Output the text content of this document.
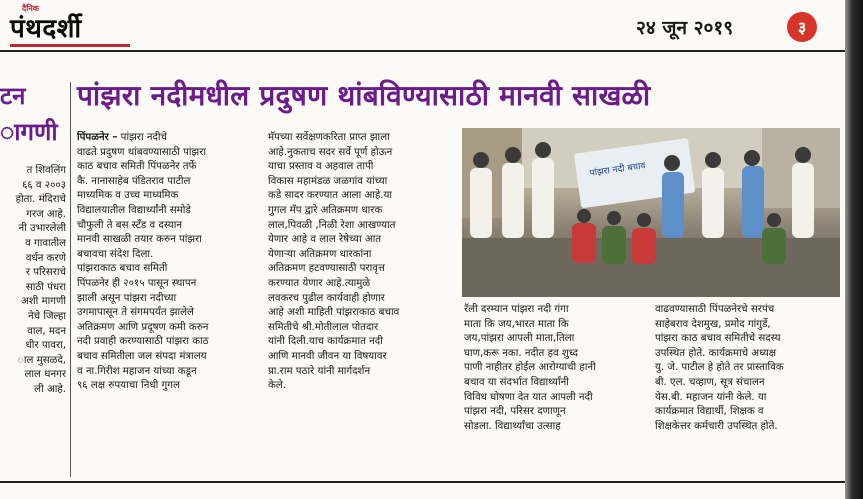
दैनिक
पंथदर्शी	२४ जून २०१९	३
टन
ागणी
त शिवलिंग
६६ व २००३
होता. मंदिराचे
गरज आहे.
नी उभारलेली
व गावातील
वर्धन करणे
र परिसराचे
साठी पंधरा
अशी मागणी
नेचे जिल्हा
वाल, मदन
धीर पावरा,
ाल मुसळदे,
लाल धनगर
ली आहे.
पांझरा नदीमधील प्रदुषण थांबविण्यासाठी मानवी साखळी
पिंपळनेर – पांझरा नदीचे
वाढते प्रदुषण थांबवण्यासाठी पांझरा
काठ बचाव समिती पिंपळनेर तर्फे
कै. नानासाहेब पंडितराव पाटील
माध्यमिक व उच्च माध्यमिक
विद्यालयातील विद्यार्थ्यांनी समोडे
चौफुली ते बस स्टँड व दस्यान
मानवी साखळी तयार करुन पांझरा
बचावचा संदेश दिला.
पांझराकाठ बचाव समिती
पिंपळनेर ही २०१५ पासून स्थापन
झाली असून पांझरा नदीच्या
उगमापासून ते संगमपर्यंत झालेले
अतिक्रमण आणि प्रदूषण कमी करुन
नदी प्रवाही करण्यासाठी पांझरा काठ
बचाव समितीला जल संपदा मंत्रालय
व ना.गिरीश महाजन यांच्या कडून
९६ लक्ष रुपयाचा निधी गुगल
मॅपच्या सर्वेक्षणकरिता प्राप्त झाला
आहे.नुकताच सदर सर्वे पूर्ण होऊन
याचा प्रस्ताव व अहवाल तापी
विकास महामंडळ जळगांव यांच्या
कडे सादर करण्यात आला आहे.या
गुगल मॅप द्वारे अतिक्रमण धारक
लाल,पिवळी ,निळी रेशा आखण्यात
येणार आहे व लाल रेषेच्या आत
येणाऱ्या अतिक्रमण धारकांना
अतिक्रमण हटवण्यासाठी परावृत्त
करण्यात येणार आहे.त्यामुळे
लवकरच पुढील कार्यवाही होणार
आहे अशी माहिती पांझराकाठ बचाव
समितीचे श्री.मोतीलाल पोतदार
यांनी दिली.याच कार्यक्रमात नदी
आणि मानवी जीवन या विषयावर
प्रा.राम पठारे यांनी मार्गदर्शन
केले.
पांझरा नदी बचाव
रॅली दरम्यान पांझरा नदी गंगा
माता कि जय,भारत माता कि
जय,पांझरा आपली माता,तिला
घाण,करू नका. नदीत हव शुध्द
पाणी नाहीतर होईल आरोग्याची हानी
बचाव या संदर्भात विद्यार्थ्यांनी
विविध घोषणा देत यात आपली नदी
पांझरा नदी, परिसर दणाणून
सोडला. विद्यार्थ्यांचा उत्साह
वाढवण्यासाठी पिंपळनेरचे सरपंच
साहेबराव देशमुख, प्रमोद गांगुर्डे,
पांझरा काठ बचाव समितीचे सदस्य
उपस्थित होते. कार्यक्रमाचे अध्यक्ष
यु. जे. पाटील हे होते तर प्रास्ताविक
बी. एल. चव्हाण, सूत्र संचालन
येस.बी. महाजन यांनी केले. या
कार्यक्रमात विद्यार्थी, शिक्षक व
शिक्षकेत्तर कर्मचारी उपस्थित होते.
